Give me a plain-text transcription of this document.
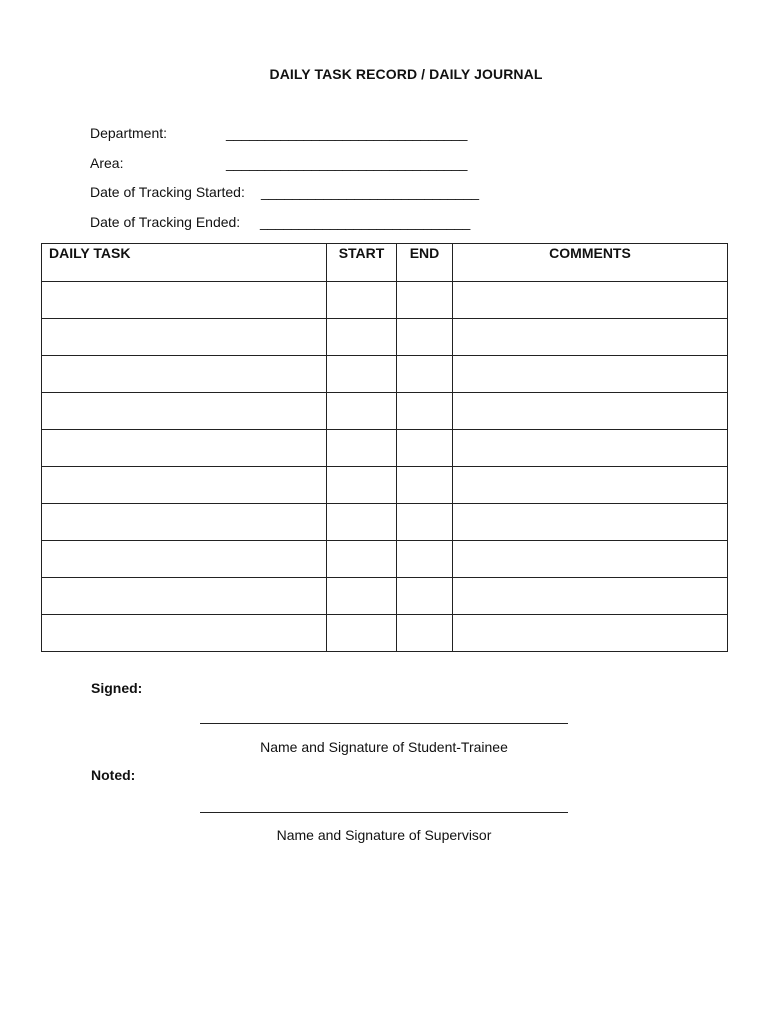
DAILY TASK RECORD / DAILY JOURNAL
Department:	_______________________________
Area:	_______________________________
Date of Tracking Started: ____________________________
Date of Tracking Ended: ___________________________
DAILY TASK	START	END	COMMENTS

Signed:
Name and Signature of Student-Trainee
Noted:
Name and Signature of Supervisor
